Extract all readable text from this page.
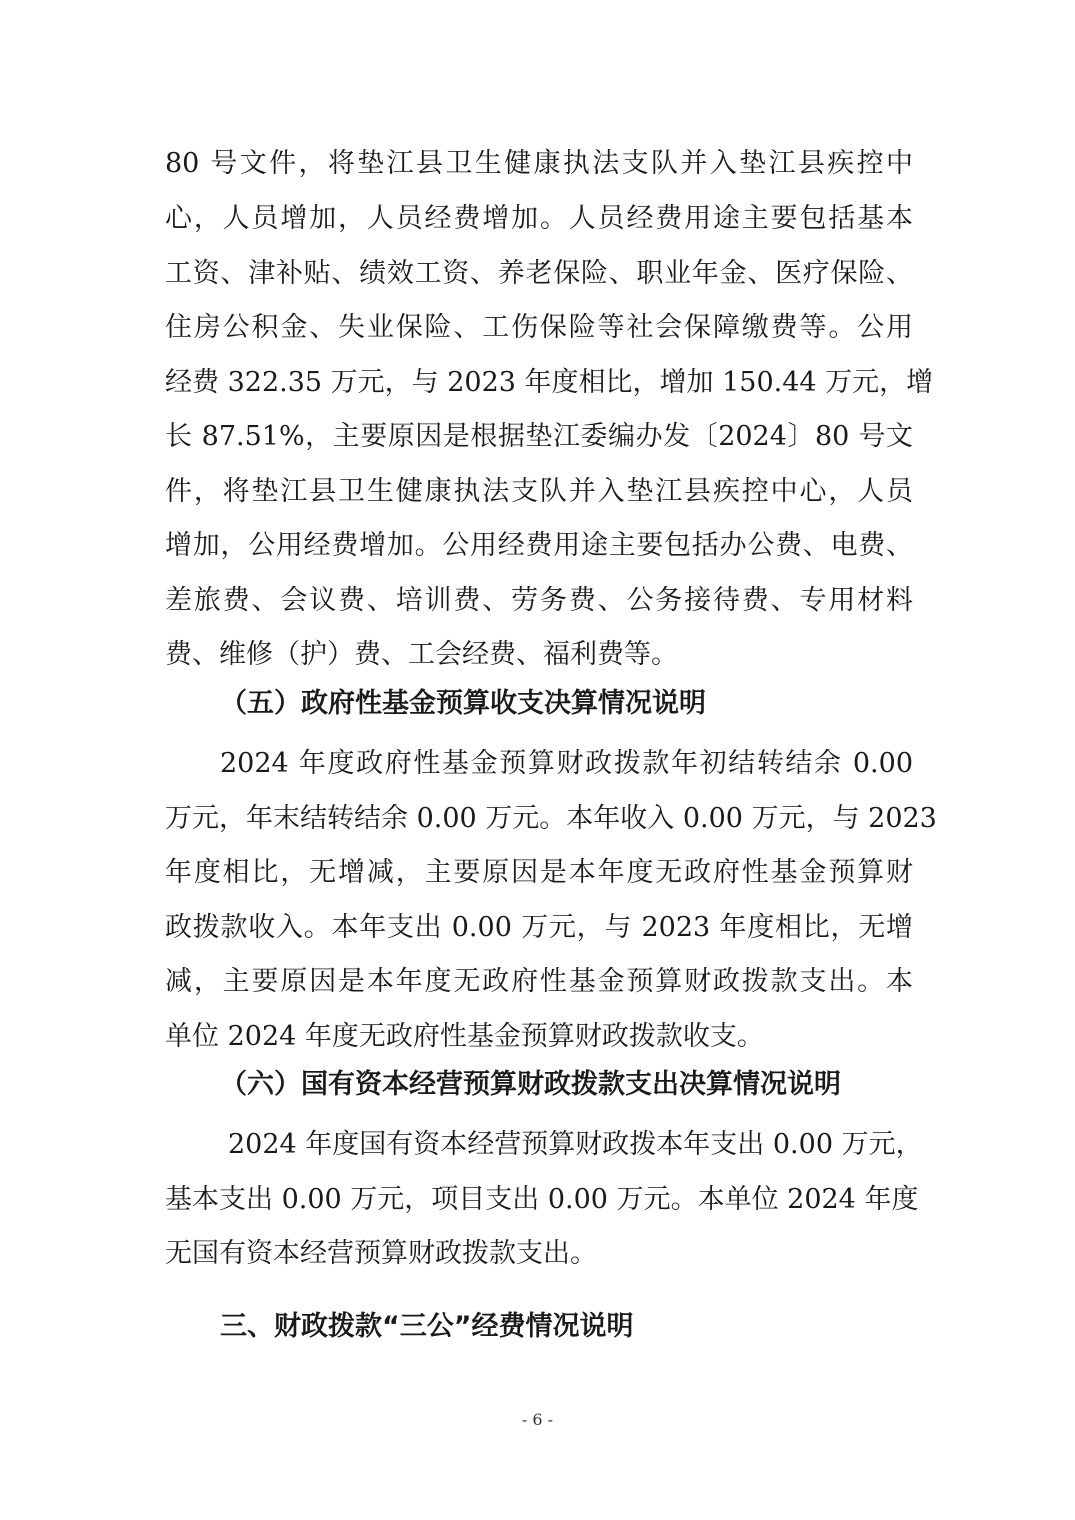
80 号文件，将垫江县卫生健康执法支队并入垫江县疾控中
心，人员增加，人员经费增加。人员经费用途主要包括基本
工资、津补贴、绩效工资、养老保险、职业年金、医疗保险、
住房公积金、失业保险、工伤保险等社会保障缴费等。公用
经费 322.35 万元，与 2023 年度相比，增加 150.44 万元，增
长 87.51%，主要原因是根据垫江委编办发〔2024〕80 号文
件，将垫江县卫生健康执法支队并入垫江县疾控中心，人员
增加，公用经费增加。公用经费用途主要包括办公费、电费、
差旅费、会议费、培训费、劳务费、公务接待费、专用材料
费、维修（护）费、工会经费、福利费等。
（五）政府性基金预算收支决算情况说明
2024 年度政府性基金预算财政拨款年初结转结余 0.00
万元，年末结转结余 0.00 万元。本年收入 0.00 万元，与 2023
年度相比，无增减，主要原因是本年度无政府性基金预算财
政拨款收入。本年支出 0.00 万元，与 2023 年度相比，无增
减，主要原因是本年度无政府性基金预算财政拨款支出。本
单位 2024 年度无政府性基金预算财政拨款收支。
（六）国有资本经营预算财政拨款支出决算情况说明
2024 年度国有资本经营预算财政拨本年支出 0.00 万元，
基本支出 0.00 万元，项目支出 0.00 万元。本单位 2024 年度
无国有资本经营预算财政拨款支出。
三、财政拨款“三公”经费情况说明
- 6 -
